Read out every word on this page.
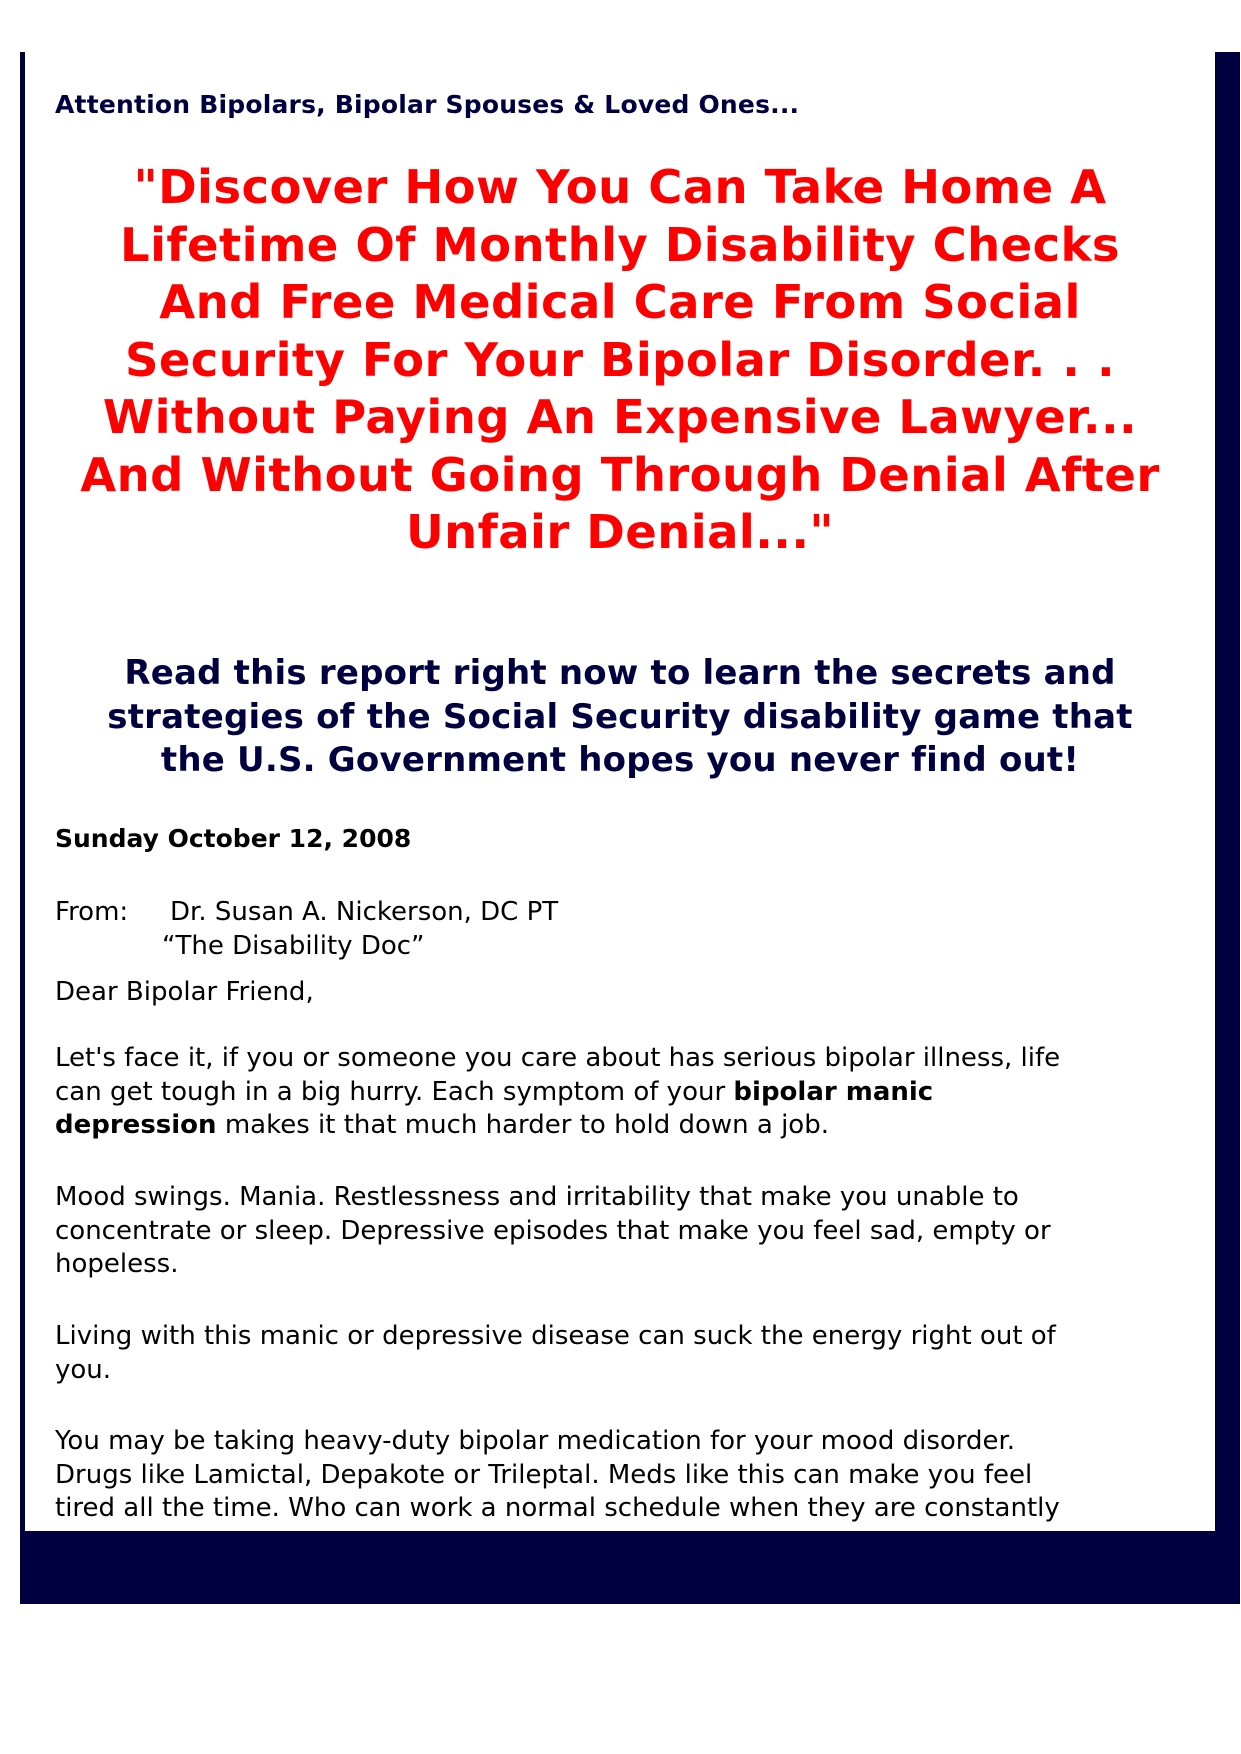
Attention Bipolars, Bipolar Spouses & Loved Ones...
"Discover How You Can Take Home A
Lifetime Of Monthly Disability Checks
And Free Medical Care From Social
Security For Your Bipolar Disorder. . .
Without Paying An Expensive Lawyer...
And Without Going Through Denial After
Unfair Denial..."
Read this report right now to learn the secrets and
strategies of the Social Security disability game that
the U.S. Government hopes you never find out!
Sunday October 12, 2008
From:	Dr. Susan A. Nickerson, DC PT
“The Disability Doc”
Dear Bipolar Friend,
Let's face it, if you or someone you care about has serious bipolar illness, life
can get tough in a big hurry. Each symptom of your bipolar manic
depression makes it that much harder to hold down a job.
Mood swings. Mania. Restlessness and irritability that make you unable to
concentrate or sleep. Depressive episodes that make you feel sad, empty or
hopeless.
Living with this manic or depressive disease can suck the energy right out of
you.
You may be taking heavy-duty bipolar medication for your mood disorder.
Drugs like Lamictal, Depakote or Trileptal. Meds like this can make you feel
tired all the time. Who can work a normal schedule when they are constantly
